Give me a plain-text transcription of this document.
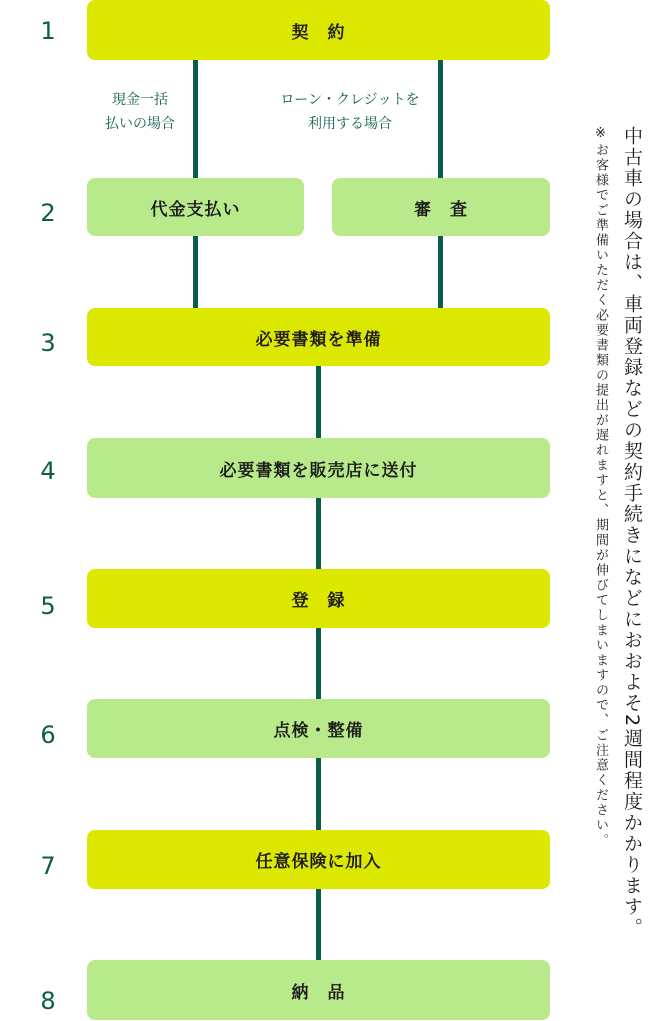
現金一括
払いの場合
ローン・クレジットを
利用する場合
1
2
3
4
5
6
7
8
契　約
代金支払い	審　査
必要書類を準備
必要書類を販売店に送付
登　録
点検・整備
任意保険に加入
納　品
中古車の場合は、車両登録などの契約手続きになどにおおよそ2週間程度かかります。
※お客様でご準備いただく必要書類の提出が遅れますと、期間が伸びてしまいますので、ご注意ください。
